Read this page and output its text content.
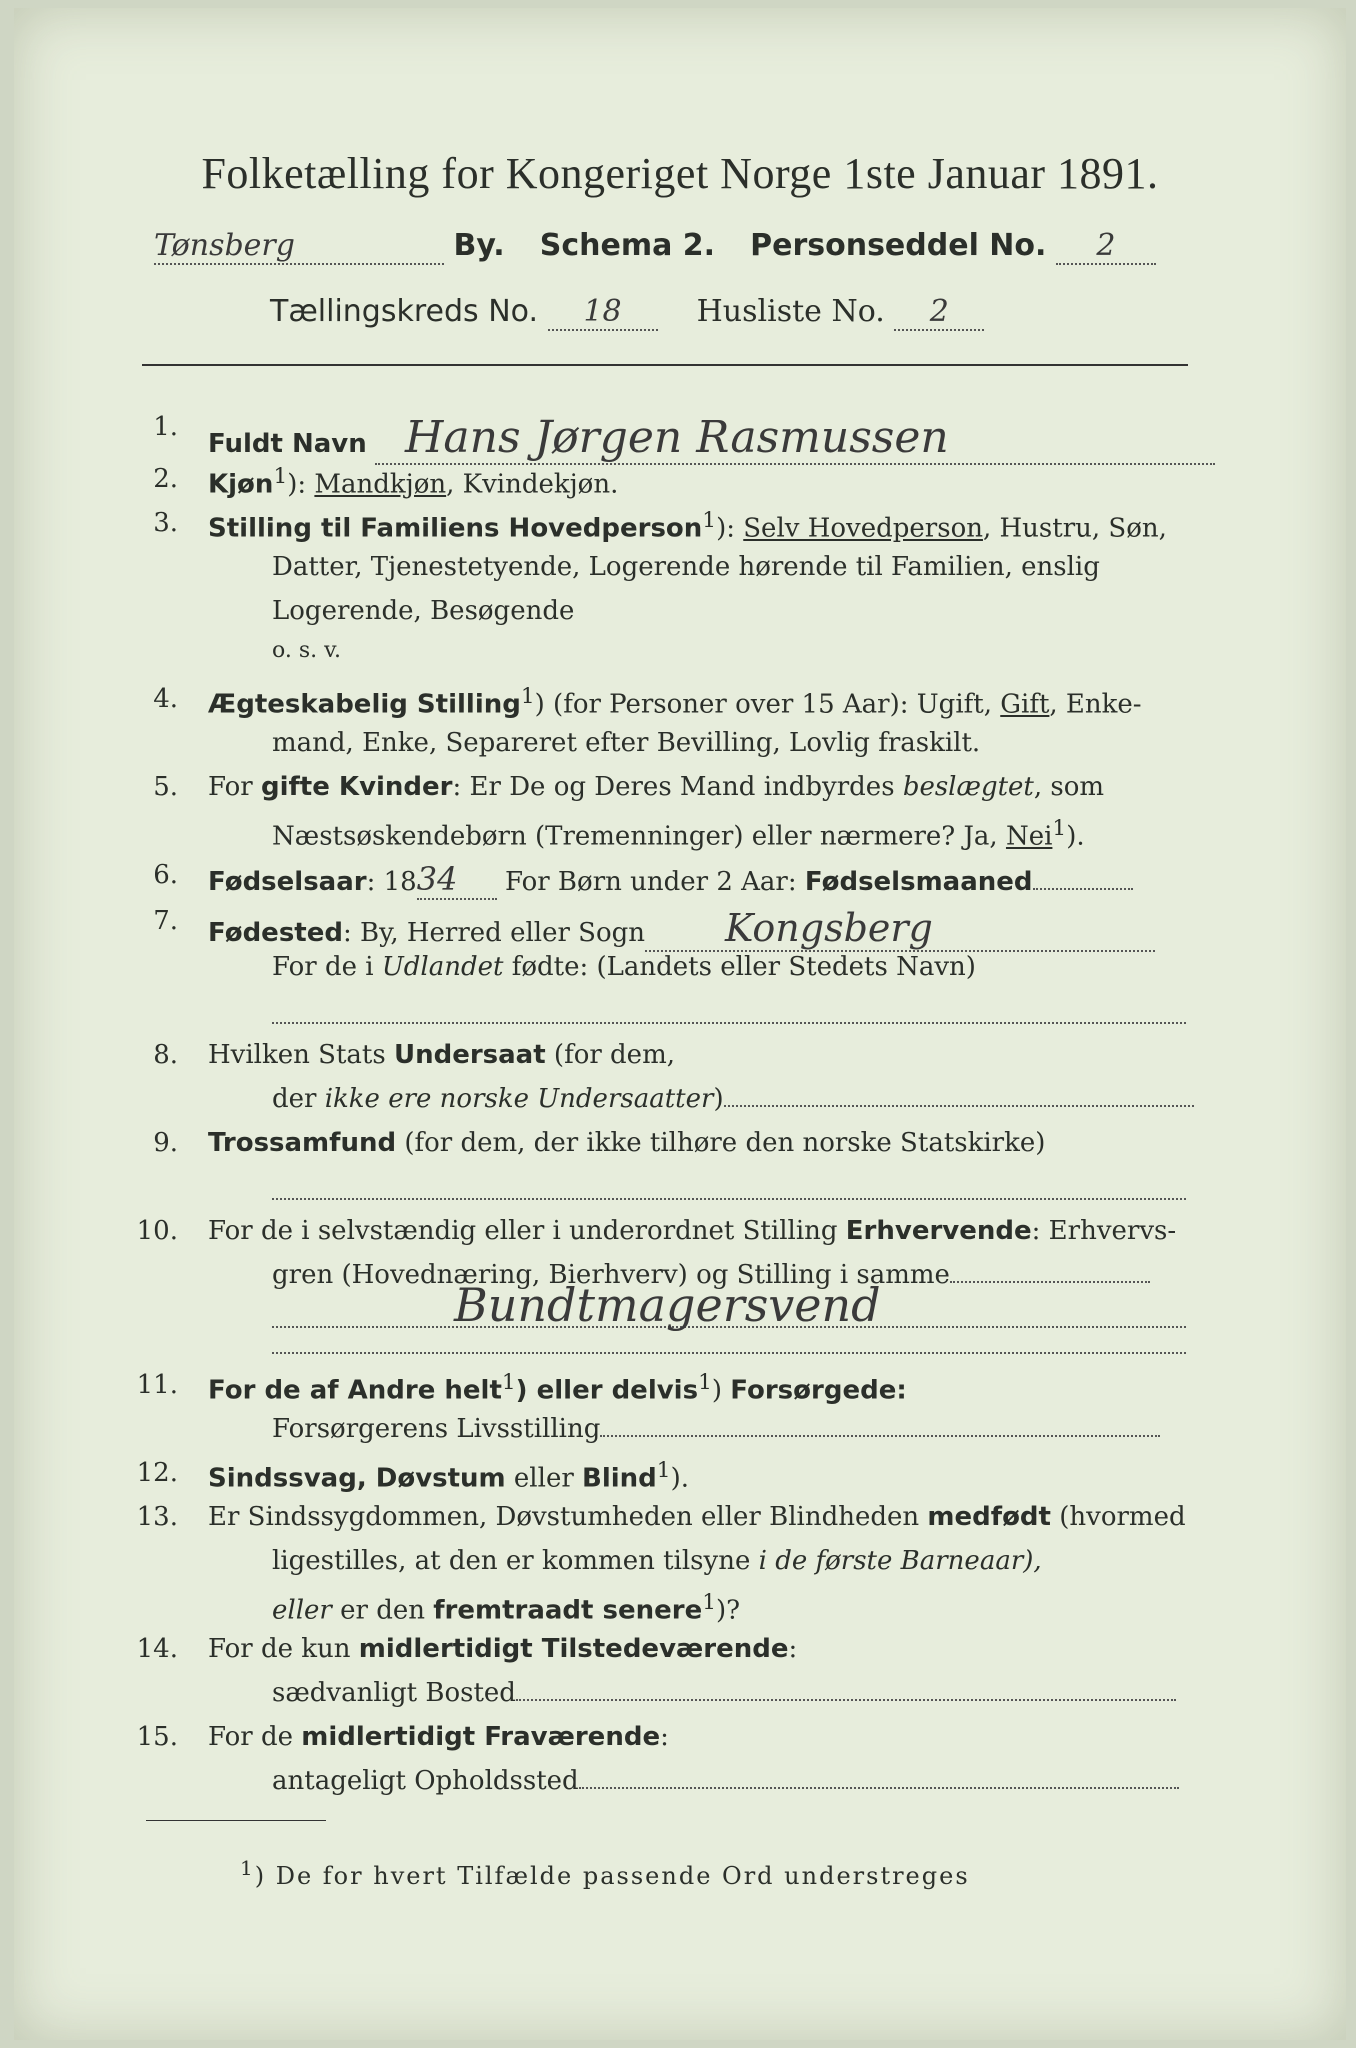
Folketælling for Kongeriget Norge 1ste Januar 1891.
Tønsberg	By. Schema 2. Personseddel No. 2
Tællingskreds No. 18	Husliste No. 2
1.
Fuldt Navn Hans Jørgen Rasmussen
2. Kjøn$^1$): Mandkjøn, Kvindekjøn.
3. Stilling til Familiens Hovedperson$^1$): Selv Hovedperson, Hustru, Søn,
Datter, Tjenestetyende, Logerende hørende til Familien, enslig
Logerende, Besøgende
o. s. v.
4. Ægteskabelig Stilling$^1$) (for Personer over 15 Aar): Ugift, Gift, Enke-
mand, Enke, Separeret efter Bevilling, Lovlig fraskilt.
5. For gifte Kvinder: Er De og Deres Mand indbyrdes beslægtet, som
Næstsøskendebørn (Tremenninger) eller nærmere? Ja, Nei$^1$).
6. Fødselsaar: 1834 For Børn under 2 Aar: Fødselsmaaned
7. Fødested: By, Herred eller Sogn Kongsberg
For de i Udlandet fødte: (Landets eller Stedets Navn)
8. Hvilken Stats Undersaat (for dem,
der ikke ere norske Undersaatter)
9. Trossamfund (for dem, der ikke tilhøre den norske Statskirke)
10. For de i selvstændig eller i underordnet Stilling Erhvervende: Erhvervs-
gren (Hovednæring, Bierhverv) og Stilling i samme
Bundtmagersvend
11. For de af Andre helt$^1$) eller delvis$^1$) Forsørgede:
Forsørgerens Livsstilling
12. Sindssvag, Døvstum eller Blind$^1$).
13. Er Sindssygdommen, Døvstumheden eller Blindheden medfødt (hvormed
ligestilles, at den er kommen tilsyne i de første Barneaar),
eller er den fremtraadt senere$^1$)?
14. For de kun midlertidigt Tilstedeværende:
sædvanligt Bosted
15. For de midlertidigt Fraværende:
antageligt Opholdssted
$^1$) De for hvert Tilfælde passende Ord understreges
